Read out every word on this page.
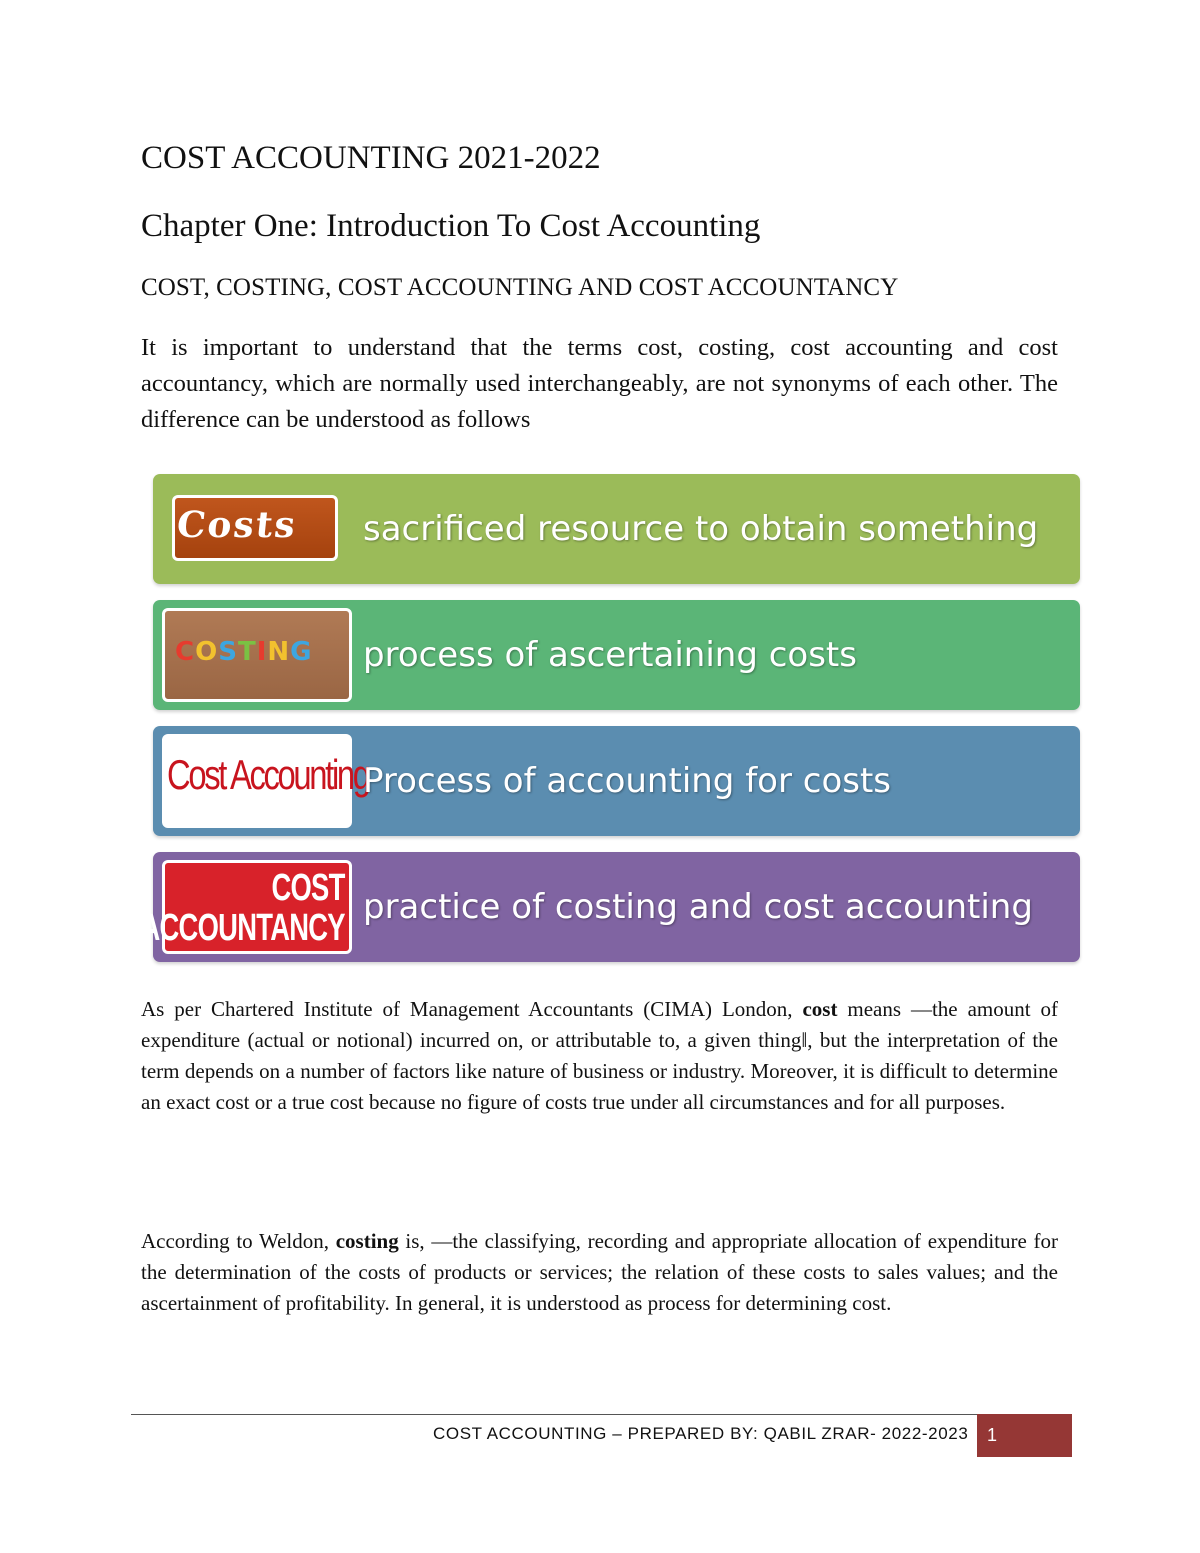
COST ACCOUNTING 2021-2022
Chapter One: Introduction To Cost Accounting
COST, COSTING, COST ACCOUNTING AND COST ACCOUNTANCY

It is important to understand that the terms cost, costing, cost accounting and cost accountancy, which are normally used interchangeably, are not synonyms of each other. The difference can be understood as follows

Costs sacrificed resource to obtain something
COSTING process of ascertaining costs
Cost Accounting
Process of accounting for costs
COST
ACCOUNTANCY practice of costing and cost accounting

As per Chartered Institute of Management Accountants (CIMA) London, cost means ―the amount of expenditure (actual or notional) incurred on, or attributable to, a given thing‖, but the interpretation of the term depends on a number of factors like nature of business or industry. Moreover, it is difficult to determine an exact cost or a true cost because no figure of costs true under all circumstances and for all purposes.

According to Weldon, costing is, ―the classifying, recording and appropriate allocation of expenditure for the determination of the costs of products or services; the relation of these costs to sales values; and the ascertainment of profitability. In general, it is understood as process for determining cost.

COST ACCOUNTING – PREPARED BY: QABIL ZRAR- 2022-2023	1
